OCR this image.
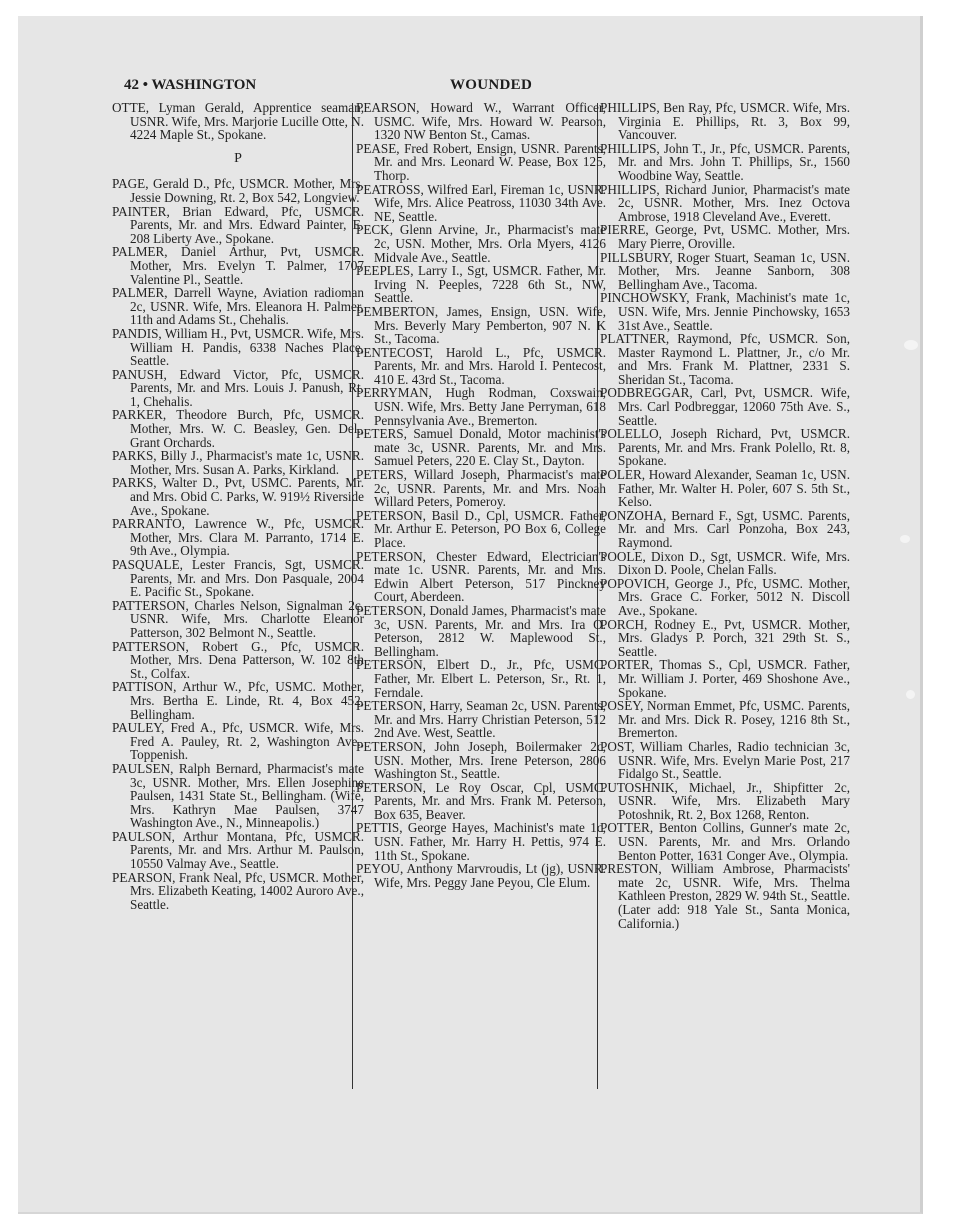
42 • WASHINGTON	WOUNDED

OTTE, Lyman Gerald, Apprentice seaman, USNR. Wife, Mrs. Marjorie Lucille Otte, N. 4224 Maple St., Spokane.

P

PAGE, Gerald D., Pfc, USMCR. Mother, Mrs. Jessie Downing, Rt. 2, Box 542, Longview.

PAINTER, Brian Edward, Pfc, USMCR. Parents, Mr. and Mrs. Edward Painter, E. 208 Liberty Ave., Spokane.

PALMER, Daniel Arthur, Pvt, USMCR. Mother, Mrs. Evelyn T. Palmer, 1707 Valentine Pl., Seattle.

PALMER, Darrell Wayne, Aviation radioman 2c, USNR. Wife, Mrs. Eleanora H. Palmer, 11th and Adams St., Chehalis.

PANDIS, William H., Pvt, USMCR. Wife, Mrs. William H. Pandis, 6338 Naches Place, Seattle.

PANUSH, Edward Victor, Pfc, USMCR. Parents, Mr. and Mrs. Louis J. Panush, Rt. 1, Chehalis.

PARKER, Theodore Burch, Pfc, USMCR. Mother, Mrs. W. C. Beasley, Gen. Del., Grant Orchards.

PARKS, Billy J., Pharmacist's mate 1c, USNR. Mother, Mrs. Susan A. Parks, Kirkland.

PARKS, Walter D., Pvt, USMC. Parents, Mr. and Mrs. Obid C. Parks, W. 919½ Riverside Ave., Spokane.

PARRANTO, Lawrence W., Pfc, USMCR. Mother, Mrs. Clara M. Parranto, 1714 E. 9th Ave., Olympia.

PASQUALE, Lester Francis, Sgt, USMCR. Parents, Mr. and Mrs. Don Pasquale, 2004 E. Pacific St., Spokane.

PATTERSON, Charles Nelson, Signalman 2c, USNR. Wife, Mrs. Charlotte Eleanor Patterson, 302 Belmont N., Seattle.

PATTERSON, Robert G., Pfc, USMCR. Mother, Mrs. Dena Patterson, W. 102 8th St., Colfax.

PATTISON, Arthur W., Pfc, USMC. Mother, Mrs. Bertha E. Linde, Rt. 4, Box 452, Bellingham.

PAULEY, Fred A., Pfc, USMCR. Wife, Mrs. Fred A. Pauley, Rt. 2, Washington Ave., Toppenish.

PAULSEN, Ralph Bernard, Pharmacist's mate 3c, USNR. Mother, Mrs. Ellen Josephine Paulsen, 1431 State St., Bellingham. (Wife, Mrs. Kathryn Mae Paulsen, 3747 Washington Ave., N., Minneapolis.)

PAULSON, Arthur Montana, Pfc, USMCR. Parents, Mr. and Mrs. Arthur M. Paulson, 10550 Valmay Ave., Seattle.

PEARSON, Frank Neal, Pfc, USMCR. Mother, Mrs. Elizabeth Keating, 14002 Auroro Ave., Seattle.

PEARSON, Howard W., Warrant Officer, USMC. Wife, Mrs. Howard W. Pearson, 1320 NW Benton St., Camas.

PEASE, Fred Robert, Ensign, USNR. Parents, Mr. and Mrs. Leonard W. Pease, Box 125, Thorp.

PEATROSS, Wilfred Earl, Fireman 1c, USNR. Wife, Mrs. Alice Peatross, 11030 34th Ave. NE, Seattle.

PECK, Glenn Arvine, Jr., Pharmacist's mate 2c, USN. Mother, Mrs. Orla Myers, 4126 Midvale Ave., Seattle.

PEEPLES, Larry I., Sgt, USMCR. Father, Mr. Irving N. Peeples, 7228 6th St., NW, Seattle.

PEMBERTON, James, Ensign, USN. Wife, Mrs. Beverly Mary Pemberton, 907 N. K St., Tacoma.

PENTECOST, Harold L., Pfc, USMCR. Parents, Mr. and Mrs. Harold I. Pentecost, 410 E. 43rd St., Tacoma.

PERRYMAN, Hugh Rodman, Coxswain, USN. Wife, Mrs. Betty Jane Perryman, 618 Pennsylvania Ave., Bremerton.

PETERS, Samuel Donald, Motor machinist's mate 3c, USNR. Parents, Mr. and Mrs. Samuel Peters, 220 E. Clay St., Dayton.

PETERS, Willard Joseph, Pharmacist's mate 2c, USNR. Parents, Mr. and Mrs. Noah Willard Peters, Pomeroy.

PETERSON, Basil D., Cpl, USMCR. Father, Mr. Arthur E. Peterson, PO Box 6, College Place.

PETERSON, Chester Edward, Electrician's mate 1c. USNR. Parents, Mr. and Mrs. Edwin Albert Peterson, 517 Pinckney Court, Aberdeen.

PETERSON, Donald James, Pharmacist's mate 3c, USN. Parents, Mr. and Mrs. Ira O. Peterson, 2812 W. Maplewood St., Bellingham.

PETERSON, Elbert D., Jr., Pfc, USMC. Father, Mr. Elbert L. Peterson, Sr., Rt. 1, Ferndale.

PETERSON, Harry, Seaman 2c, USN. Parents, Mr. and Mrs. Harry Christian Peterson, 512 2nd Ave. West, Seattle.

PETERSON, John Joseph, Boilermaker 2c, USN. Mother, Mrs. Irene Peterson, 2806 Washington St., Seattle.

PETERSON, Le Roy Oscar, Cpl, USMC. Parents, Mr. and Mrs. Frank M. Peterson, Box 635, Beaver.

PETTIS, George Hayes, Machinist's mate 1c, USN. Father, Mr. Harry H. Pettis, 974 E. 11th St., Spokane.

PEYOU, Anthony Marvroudis, Lt (jg), USNR. Wife, Mrs. Peggy Jane Peyou, Cle Elum.

PHILLIPS, Ben Ray, Pfc, USMCR. Wife, Mrs. Virginia E. Phillips, Rt. 3, Box 99, Vancouver.

PHILLIPS, John T., Jr., Pfc, USMCR. Parents, Mr. and Mrs. John T. Phillips, Sr., 1560 Woodbine Way, Seattle.

PHILLIPS, Richard Junior, Pharmacist's mate 2c, USNR. Mother, Mrs. Inez Octova Ambrose, 1918 Cleveland Ave., Everett.

PIERRE, George, Pvt, USMC. Mother, Mrs. Mary Pierre, Oroville.

PILLSBURY, Roger Stuart, Seaman 1c, USN. Mother, Mrs. Jeanne Sanborn, 308 Bellingham Ave., Tacoma.

PINCHOWSKY, Frank, Machinist's mate 1c, USN. Wife, Mrs. Jennie Pinchowsky, 1653 31st Ave., Seattle.

PLATTNER, Raymond, Pfc, USMCR. Son, Master Raymond L. Plattner, Jr., c/o Mr. and Mrs. Frank M. Plattner, 2331 S. Sheridan St., Tacoma.

PODBREGGAR, Carl, Pvt, USMCR. Wife, Mrs. Carl Podbreggar, 12060 75th Ave. S., Seattle.

POLELLO, Joseph Richard, Pvt, USMCR. Parents, Mr. and Mrs. Frank Polello, Rt. 8, Spokane.

POLER, Howard Alexander, Seaman 1c, USN. Father, Mr. Walter H. Poler, 607 S. 5th St., Kelso.

PONZOHA, Bernard F., Sgt, USMC. Parents, Mr. and Mrs. Carl Ponzoha, Box 243, Raymond.

POOLE, Dixon D., Sgt, USMCR. Wife, Mrs. Dixon D. Poole, Chelan Falls.

POPOVICH, George J., Pfc, USMC. Mother, Mrs. Grace C. Forker, 5012 N. Discoll Ave., Spokane.

PORCH, Rodney E., Pvt, USMCR. Mother, Mrs. Gladys P. Porch, 321 29th St. S., Seattle.

PORTER, Thomas S., Cpl, USMCR. Father, Mr. William J. Porter, 469 Shoshone Ave., Spokane.

POSEY, Norman Emmet, Pfc, USMC. Parents, Mr. and Mrs. Dick R. Posey, 1216 8th St., Bremerton.

POST, William Charles, Radio technician 3c, USNR. Wife, Mrs. Evelyn Marie Post, 217 Fidalgo St., Seattle.

PUTOSHNIK, Michael, Jr., Shipfitter 2c, USNR. Wife, Mrs. Elizabeth Mary Potoshnik, Rt. 2, Box 1268, Renton.

POTTER, Benton Collins, Gunner's mate 2c, USN. Parents, Mr. and Mrs. Orlando Benton Potter, 1631 Conger Ave., Olympia.

PRESTON, William Ambrose, Pharmacists' mate 2c, USNR. Wife, Mrs. Thelma Kathleen Preston, 2829 W. 94th St., Seattle. (Later add: 918 Yale St., Santa Monica, California.)
